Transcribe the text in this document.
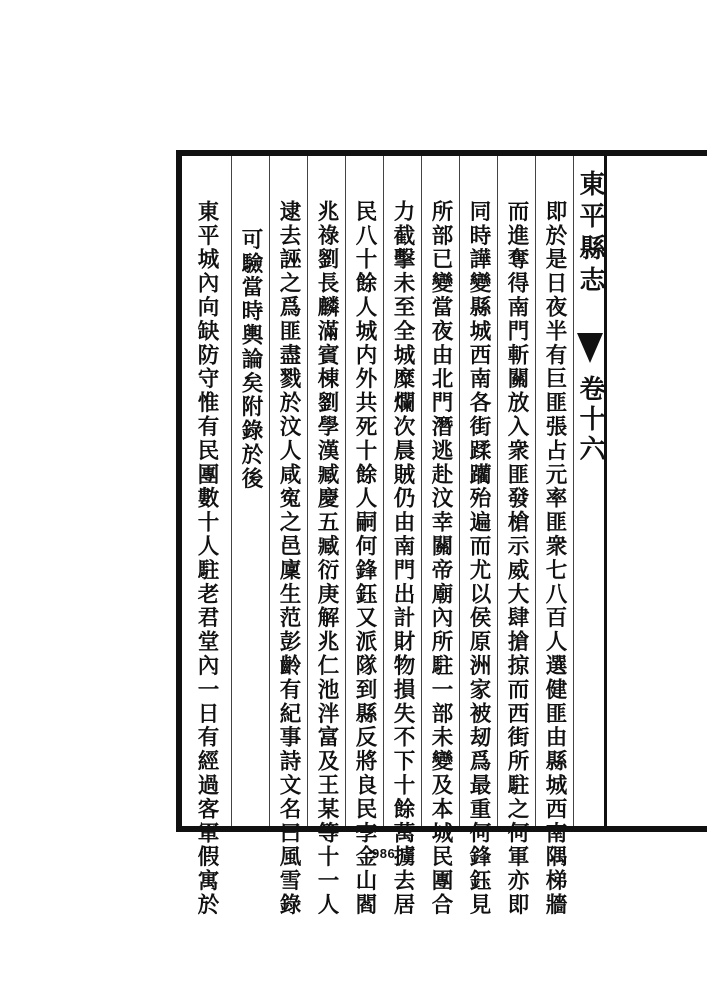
東平縣志
卷十六
即於是日夜半有巨匪張占元率匪衆七八百人選健匪由縣城西南隅梯牆
而進奪得南門斬關放入衆匪發槍示威大肆搶掠而西街所駐之何軍亦即
同時譁變縣城西南各街蹂躪殆遍而尤以侯原洲家被刼爲最重何鋒鈺見
所部已變當夜由北門潛逃赴汶幸關帝廟內所駐一部未變及本城民團合
力截擊未至全城糜爛次晨賊仍由南門出計財物損失不下十餘萬擄去居
民八十餘人城内外共死十餘人嗣何鋒鈺又派隊到縣反將良民李金山閻
兆祿劉長麟滿賓棟劉學漢臧慶五臧衍庚解兆仁池泮富及王某等十一人
逮去誣之爲匪盡戮於汶人咸寃之邑廩生范彭齡有紀事詩文名曰風雪錄
可驗當時輿論矣附錄於後
東平城內向缺防守惟有民團數十人駐老君堂內一日有經過客軍假寓於	986
